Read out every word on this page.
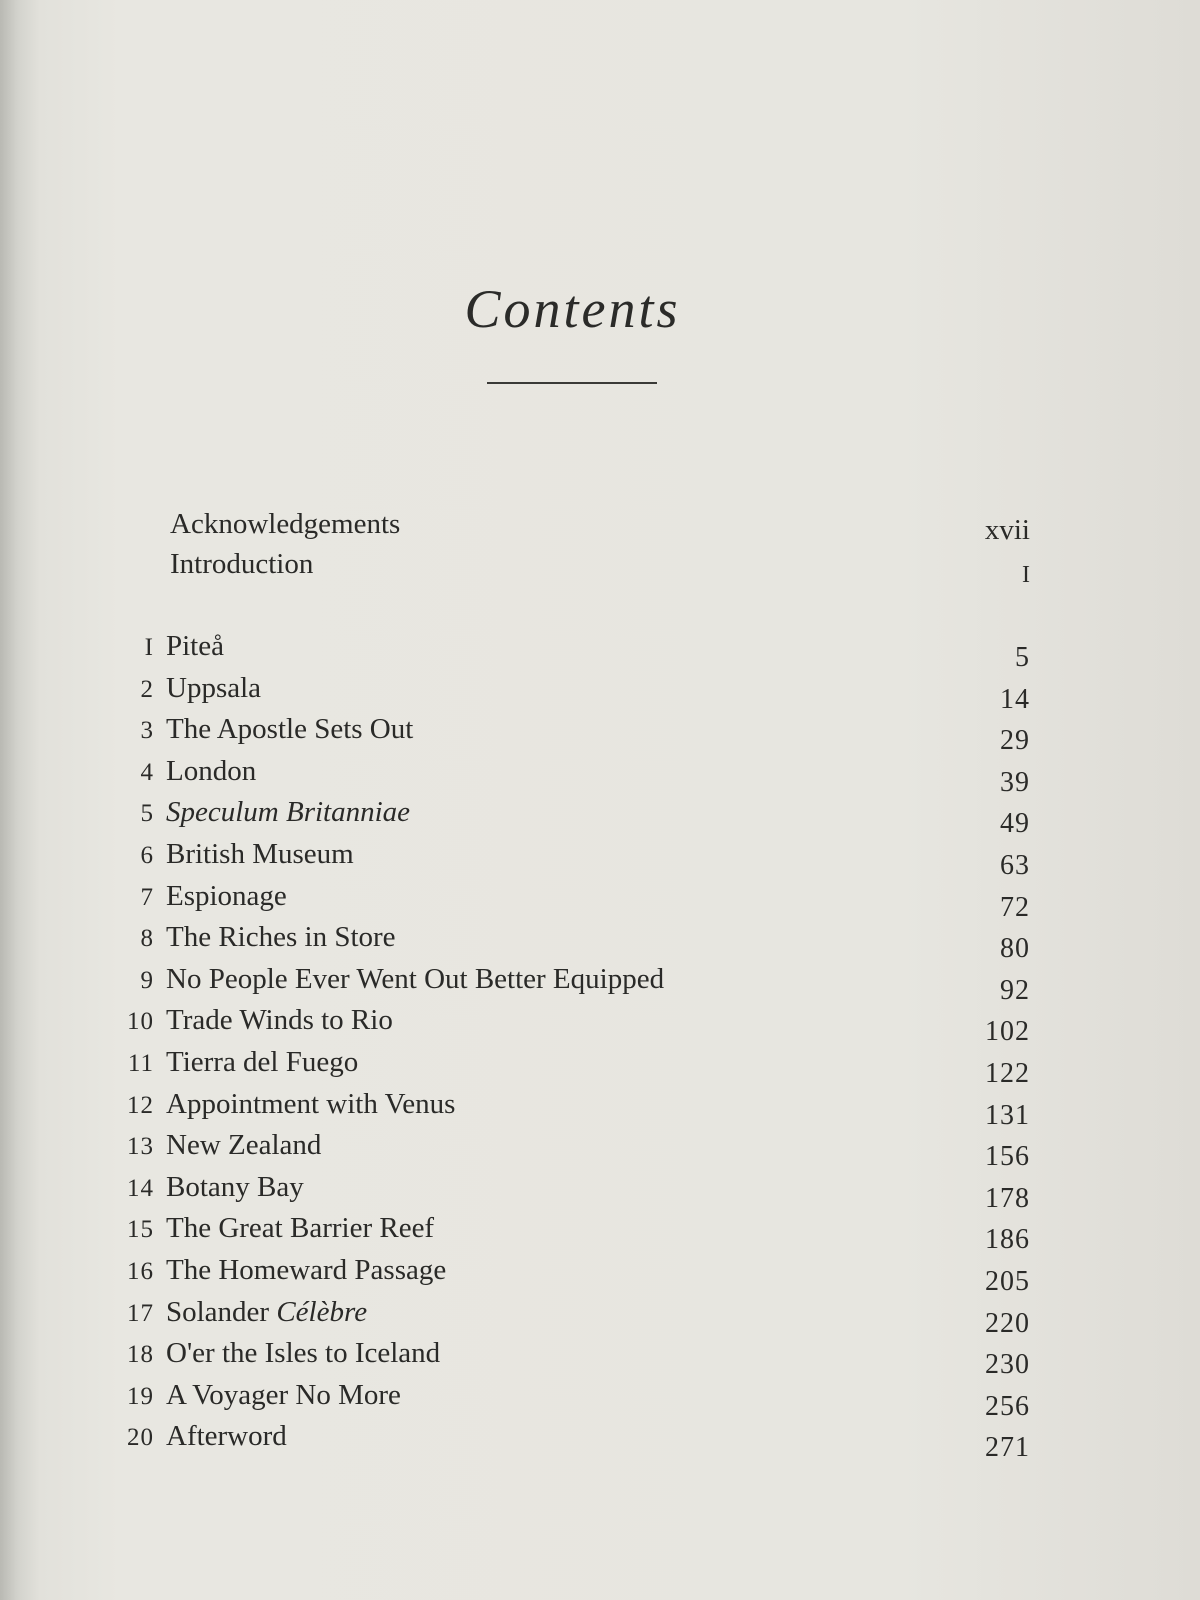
Contents
Acknowledgements	xvii
Introduction	I
I Piteå	5
2 Uppsala	14
3 The Apostle Sets Out	29
4 London	39
5 Speculum Britanniae	49
6 British Museum	63
7 Espionage	72
8 The Riches in Store	80
9 No People Ever Went Out Better Equipped	92
10 Trade Winds to Rio	102
11 Tierra del Fuego	122
12 Appointment with Venus	131
13 New Zealand	156
14 Botany Bay	178
15 The Great Barrier Reef	186
16 The Homeward Passage	205
17 Solander Célèbre	220
18 O'er the Isles to Iceland	230
19 A Voyager No More	256
20 Afterword	271
